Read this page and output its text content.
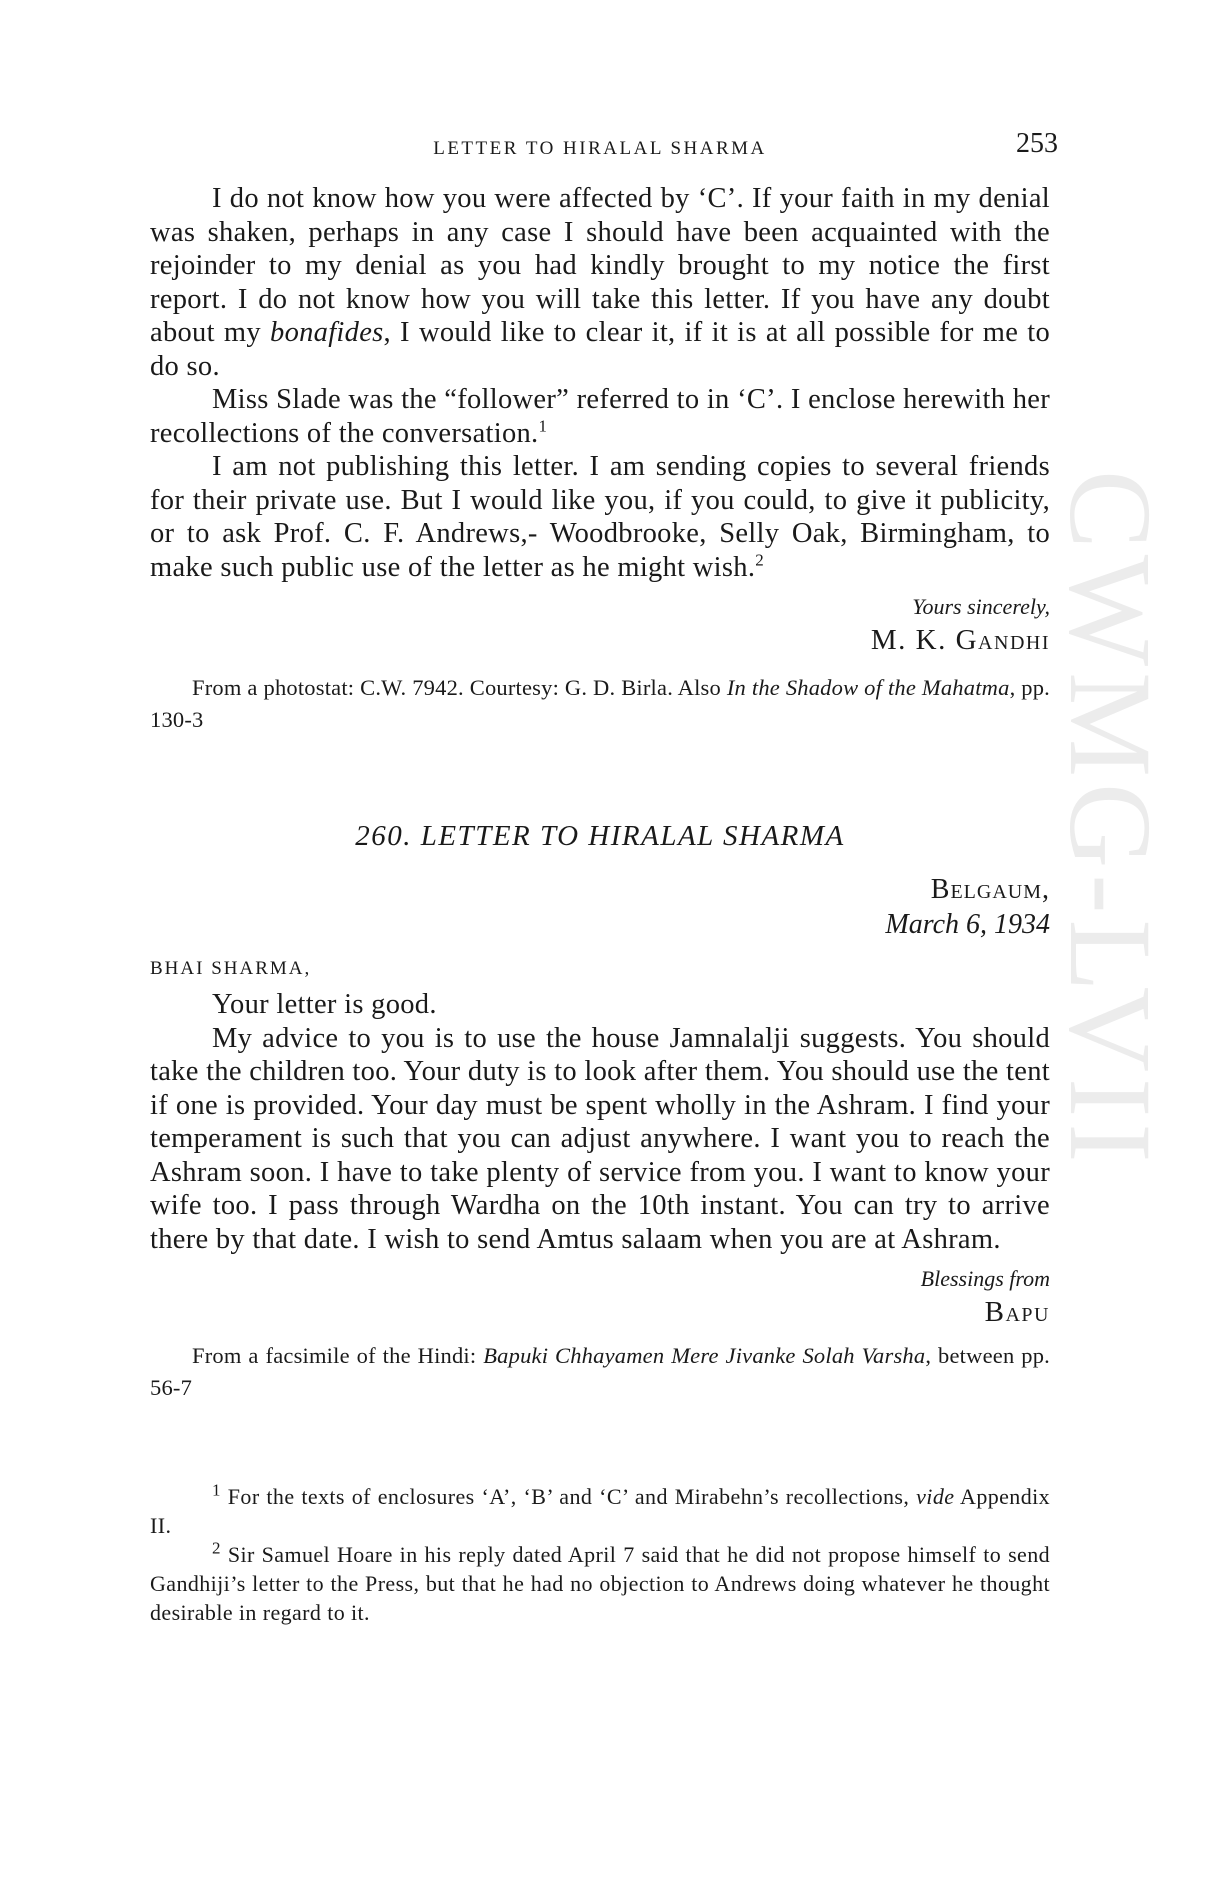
CWMG-LVII
LETTER TO HIRALAL SHARMA	253

I do not know how you were affected by ‘C’. If your faith in my denial was shaken, perhaps in any case I should have been acquainted with the rejoinder to my denial as you had kindly brought to my notice the first report. I do not know how you will take this letter. If you have any doubt about my bonafides, I would like to clear it, if it is at all possible for me to do so.

Miss Slade was the “follower” referred to in ‘C’. I enclose herewith her recollections of the conversation.$^1$

I am not publishing this letter. I am sending copies to several friends for their private use. But I would like you, if you could, to give it publicity, or to ask Prof. C. F. Andrews,- Woodbrooke, Selly Oak, Birmingham, to make such public use of the letter as he might wish.$^2$

Yours sincerely,
M. K. Gandhi

From a photostat: C.W. 7942. Courtesy: G. D. Birla. Also In the Shadow of the Mahatma, pp. 130-3

260. LETTER TO HIRALAL SHARMA
Belgaum,
March 6, 1934
BHAI SHARMA,

Your letter is good.

My advice to you is to use the house Jamnalalji suggests. You should take the children too. Your duty is to look after them. You should use the tent if one is provided. Your day must be spent wholly in the Ashram. I find your temperament is such that you can adjust anywhere. I want you to reach the Ashram soon. I have to take plenty of service from you. I want to know your wife too. I pass through Wardha on the 10th instant. You can try to arrive there by that date. I wish to send Amtus salaam when you are at Ashram.

Blessings from
Bapu

From a facsimile of the Hindi: Bapuki Chhayamen Mere Jivanke Solah Varsha, between pp. 56-7

$^1$ For the texts of enclosures ‘A’, ‘B’ and ‘C’ and Mirabehn’s recollections, vide Appendix II.

$^2$ Sir Samuel Hoare in his reply dated April 7 said that he did not propose himself to send Gandhiji’s letter to the Press, but that he had no objection to Andrews doing whatever he thought desirable in regard to it.
